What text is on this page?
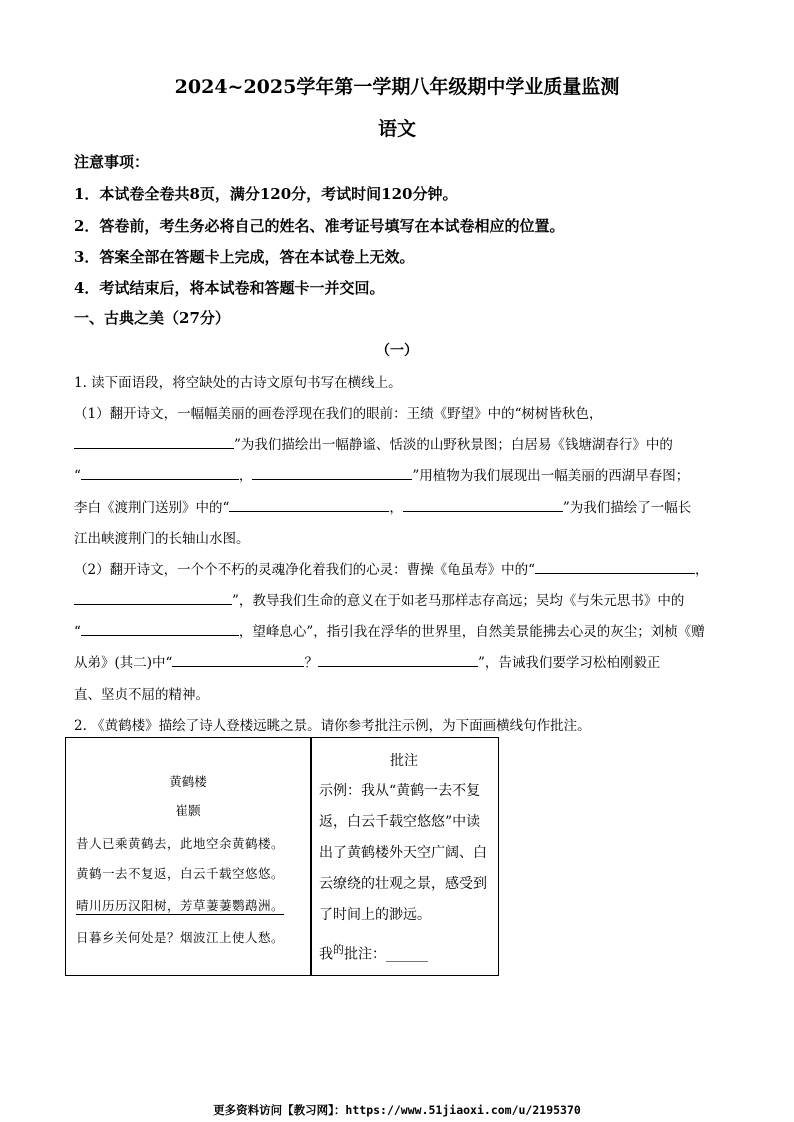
2024~2025学年第一学期八年级期中学业质量监测
语文
注意事项：
1．本试卷全卷共8页，满分120分，考试时间120分钟。
2．答卷前，考生务必将自己的姓名、准考证号填写在本试卷相应的位置。
3．答案全部在答题卡上完成，答在本试卷上无效。
4．考试结束后，将本试卷和答题卡一并交回。
一、古典之美（27分）
（一）
1. 读下面语段，将空缺处的古诗文原句书写在横线上。
（1）翻开诗文，一幅幅美丽的画卷浮现在我们的眼前：王绩《野望》中的“树树皆秋色，
”为我们描绘出一幅静谧、恬淡的山野秋景图；白居易《钱塘湖春行》中的
“	，	”用植物为我们展现出一幅美丽的西湖早春图；
李白《渡荆门送别》中的“	，	”为我们描绘了一幅长
江出峡渡荆门的长轴山水图。
（2）翻开诗文，一个个不朽的灵魂净化着我们的心灵：曹操《龟虽寿》中的“	，
”，教导我们生命的意义在于如老马那样志存高远；吴均《与朱元思书》中的
“	，望峰息心”，指引我在浮华的世界里，自然美景能拂去心灵的灰尘；刘桢《赠
从弟》(其二)中“	？	”，告诫我们要学习松柏刚毅正
直、坚贞不屈的精神。
2. 《黄鹤楼》描绘了诗人登楼远眺之景。请你参考批注示例，为下面画横线句作批注。
黄鹤楼
崔颢
昔人已乘黄鹤去，此地空余黄鹤楼。
黄鹤一去不复返，白云千载空悠悠。
晴川历历汉阳树，芳草萋萋鹦鹉洲。
日暮乡关何处是？烟波江上使人愁。
批注
示例：我从“黄鹤一去不复
返，白云千载空悠悠”中读
出了黄鹤楼外天空广阔、白
云缭绕的壮观之景，感受到
了时间上的渺远。
我$^的$批注：______
更多资料访问【教习网】：https://www.51jiaoxi.com/u/2195370
